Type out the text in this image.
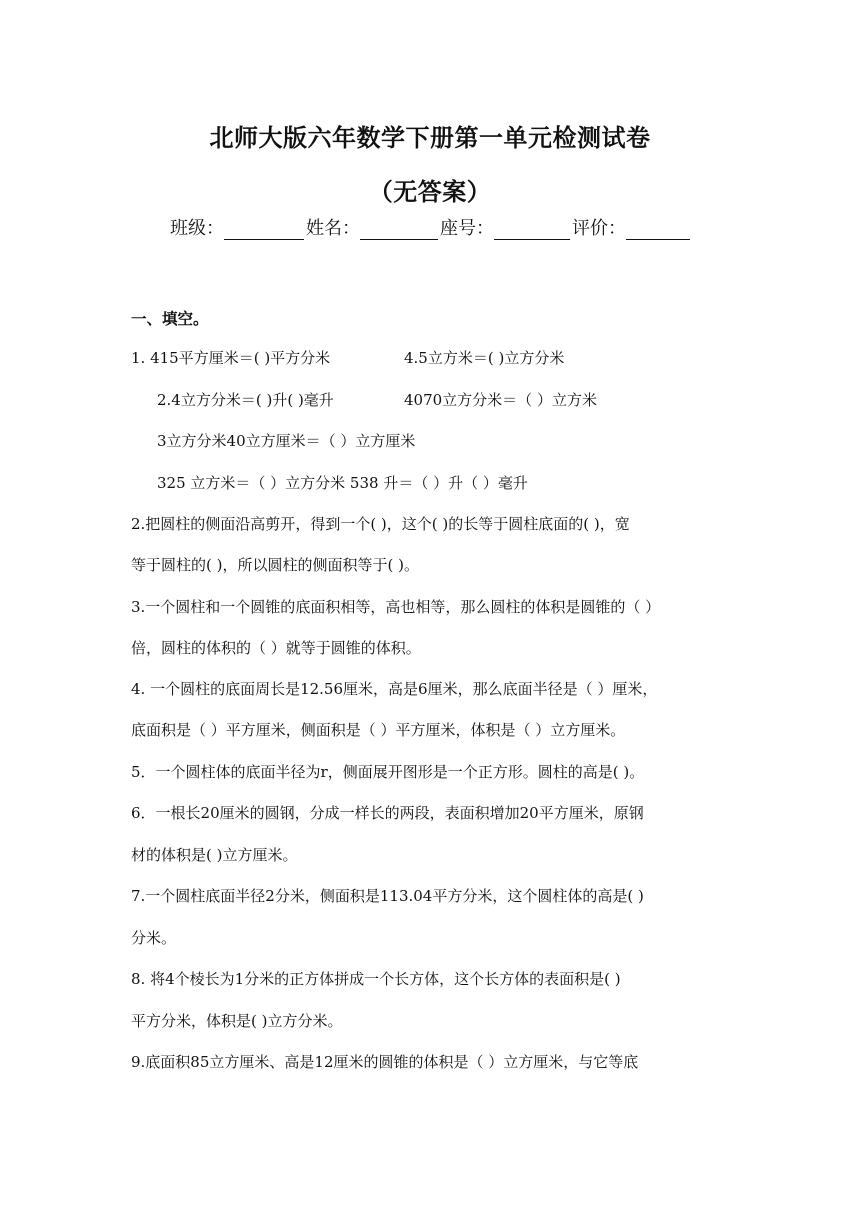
北师大版六年数学下册第一单元检测试卷
（无答案）
班级：	姓名：	座号：	评价：
一、填空。
1. 415平方厘米＝( )平方分米	4.5立方米＝( )立方分米
2.4立方分米＝( )升( )毫升	4070立方分米＝（ ）立方米
3立方分米40立方厘米＝（ ）立方厘米
325 立方米＝（ ）立方分米 538 升＝（ ）升（ ）毫升
2.把圆柱的侧面沿高剪开，得到一个( )，这个( )的长等于圆柱底面的( )，宽
等于圆柱的( )，所以圆柱的侧面积等于( )。
3.一个圆柱和一个圆锥的底面积相等，高也相等，那么圆柱的体积是圆锥的（ ）
倍，圆柱的体积的（ ）就等于圆锥的体积。
4. 一个圆柱的底面周长是12.56厘米，高是6厘米，那么底面半径是（ ）厘米，
底面积是（ ）平方厘米，侧面积是（ ）平方厘米，体积是（ ）立方厘米。
5．一个圆柱体的底面半径为r，侧面展开图形是一个正方形。圆柱的高是( )。
6．一根长20厘米的圆钢，分成一样长的两段，表面积增加20平方厘米，原钢
材的体积是( )立方厘米。
7.一个圆柱底面半径2分米，侧面积是113.04平方分米，这个圆柱体的高是( )
分米。
8. 将4个棱长为1分米的正方体拼成一个长方体，这个长方体的表面积是( )
平方分米，体积是( )立方分米。
9.底面积85立方厘米、高是12厘米的圆锥的体积是（ ）立方厘米，与它等底
